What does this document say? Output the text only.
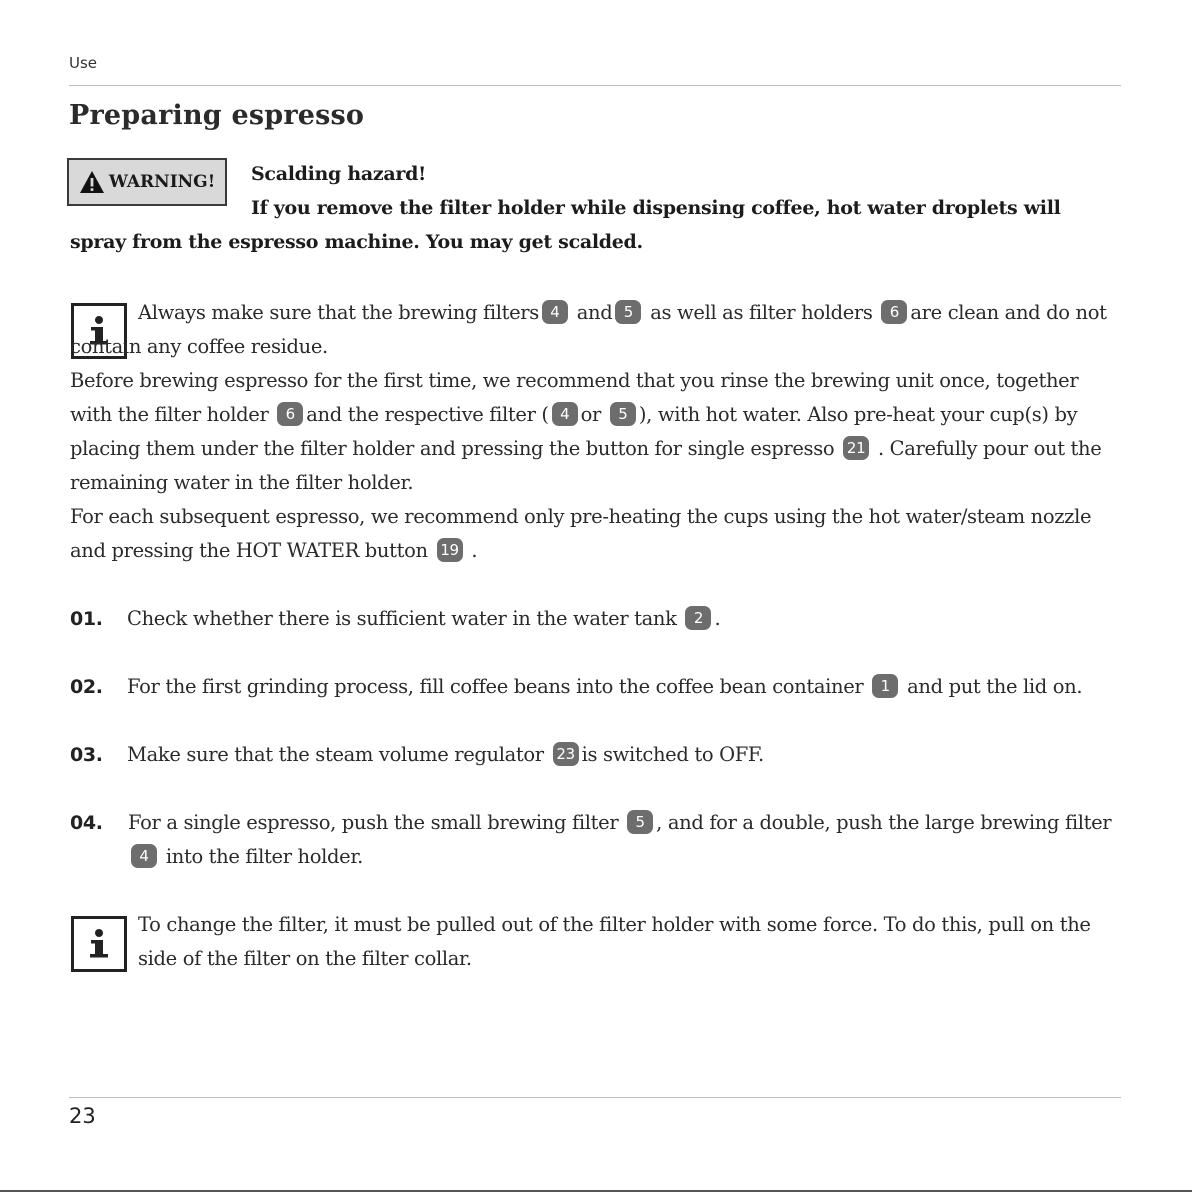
Use
Preparing espresso
WARNING!	Scalding hazard!
If you remove the filter holder while dispensing coffee, hot water droplets will spray from the espresso machine. You may get scalded.

Always make sure that the brewing filters 4 and 5 as well as filter holders 6 are clean and do not contain any coffee residue.

Before brewing espresso for the first time, we recommend that you rinse the brewing unit once, together with the filter holder 6 and the respective filter ( 4 or 5 ), with hot water. Also pre-heat your cup(s) by placing them under the filter holder and pressing the button for single espresso 21 . Carefully pour out the remaining water in the filter holder.

For each subsequent espresso, we recommend only pre-heating the cups using the hot water/steam nozzle and pressing the HOT WATER button 19 .

01. Check whether there is sufficient water in the water tank 2 .
02. For the first grinding process, fill coffee beans into the coffee bean container 1 and put the lid on.
03. Make sure that the steam volume regulator 23 is switched to OFF.
04. For a single espresso, push the small brewing filter 5 , and for a double, push the large brewing filter 4 into the filter holder.

To change the filter, it must be pulled out of the filter holder with some force. To do this, pull on the side of the filter on the filter collar.

23
